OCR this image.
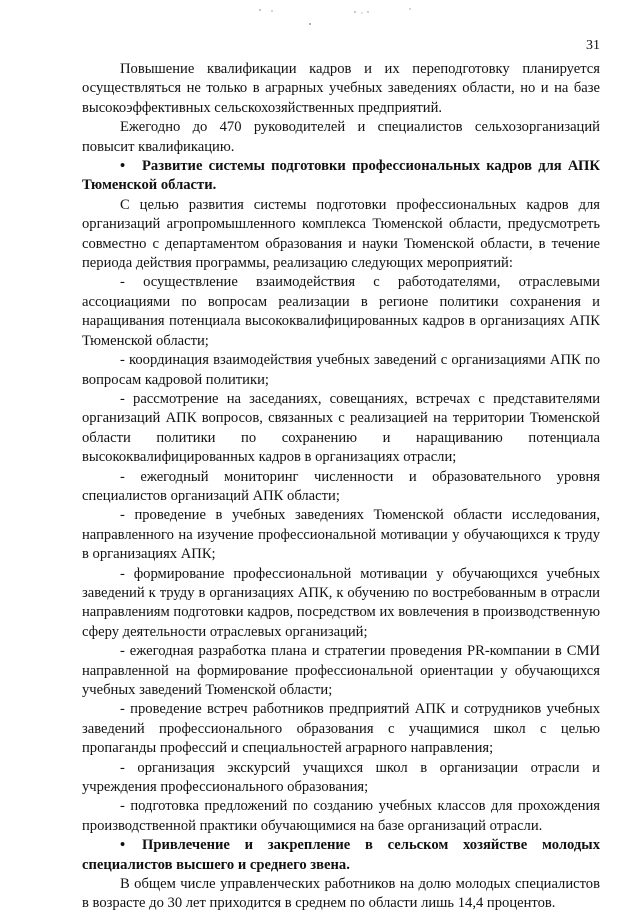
31

Повышение квалификации кадров и их переподготовку планируется осуществляться не только в аграрных учебных заведениях области, но и на базе высокоэффективных сельскохозяйственных предприятий.

Ежегодно до 470 руководителей и специалистов сельхозорганизаций повысит квалификацию.

• Развитие системы подготовки профессиональных кадров для АПК Тюменской области.

С целью развития системы подготовки профессиональных кадров для организаций агропромышленного комплекса Тюменской области, предусмотреть совместно с департаментом образования и науки Тюменской области, в течение периода действия программы, реализацию следующих мероприятий:

- осуществление взаимодействия с работодателями, отраслевыми ассоциациями по вопросам реализации в регионе политики сохранения и наращивания потенциала высококвалифицированных кадров в организациях АПК Тюменской области;

- координация взаимодействия учебных заведений с организациями АПК по вопросам кадровой политики;

- рассмотрение на заседаниях, совещаниях, встречах с представителями организаций АПК вопросов, связанных с реализацией на территории Тюменской области политики по сохранению и наращиванию потенциала высококвалифицированных кадров в организациях отрасли;

- ежегодный мониторинг численности и образовательного уровня специалистов организаций АПК области;

- проведение в учебных заведениях Тюменской области исследования, направленного на изучение профессиональной мотивации у обучающихся к труду в организациях АПК;

- формирование профессиональной мотивации у обучающихся учебных заведений к труду в организациях АПК, к обучению по востребованным в отрасли направлениям подготовки кадров, посредством их вовлечения в производственную сферу деятельности отраслевых организаций;

- ежегодная разработка плана и стратегии проведения PR-компании в СМИ направленной на формирование профессиональной ориентации у обучающихся учебных заведений Тюменской области;

- проведение встреч работников предприятий АПК и сотрудников учебных заведений профессионального образования с учащимися школ с целью пропаганды профессий и специальностей аграрного направления;

- организация экскурсий учащихся школ в организации отрасли и учреждения профессионального образования;

- подготовка предложений по созданию учебных классов для прохождения производственной практики обучающимися на базе организаций отрасли.

• Привлечение и закрепление в сельском хозяйстве молодых специалистов высшего и среднего звена.

В общем числе управленческих работников на долю молодых специалистов в возрасте до 30 лет приходится в среднем по области лишь 14,4 процентов.
